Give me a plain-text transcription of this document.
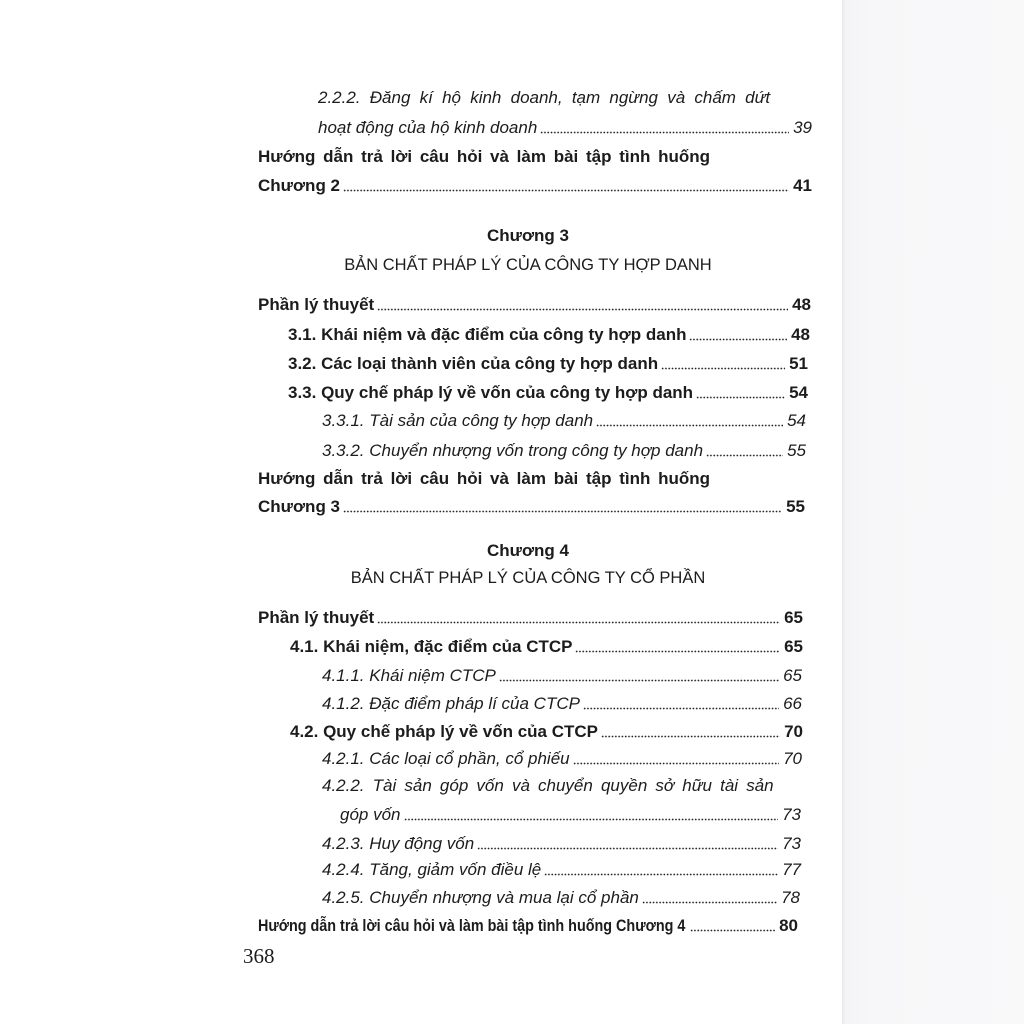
2.2.2. Đăng kí hộ kinh doanh, tạm ngừng và chấm dứt
hoạt động của hộ kinh doanh	39
Hướng dẫn trả lời câu hỏi và làm bài tập tình huống
Chương 2	41
Chương 3
BẢN CHẤT PHÁP LÝ CỦA CÔNG TY HỢP DANH
Phần lý thuyết	48
3.1. Khái niệm và đặc điểm của công ty hợp danh	48
3.2. Các loại thành viên của công ty hợp danh	51
3.3. Quy chế pháp lý về vốn của công ty hợp danh	54
3.3.1. Tài sản của công ty hợp danh	54
3.3.2. Chuyển nhượng vốn trong công ty hợp danh	55
Hướng dẫn trả lời câu hỏi và làm bài tập tình huống
Chương 3	55
Chương 4
BẢN CHẤT PHÁP LÝ CỦA CÔNG TY CỔ PHẦN
Phần lý thuyết	65
4.1. Khái niệm, đặc điểm của CTCP	65
4.1.1. Khái niệm CTCP	65
4.1.2. Đặc điểm pháp lí của CTCP	66
4.2. Quy chế pháp lý về vốn của CTCP	70
4.2.1. Các loại cổ phần, cổ phiếu	70
4.2.2. Tài sản góp vốn và chuyển quyền sở hữu tài sản
góp vốn	73
4.2.3. Huy động vốn	73
4.2.4. Tăng, giảm vốn điều lệ	77
4.2.5. Chuyển nhượng và mua lại cổ phần	78
Hướng dẫn trả lời câu hỏi và làm bài tập tình huống Chương 4	80
368
